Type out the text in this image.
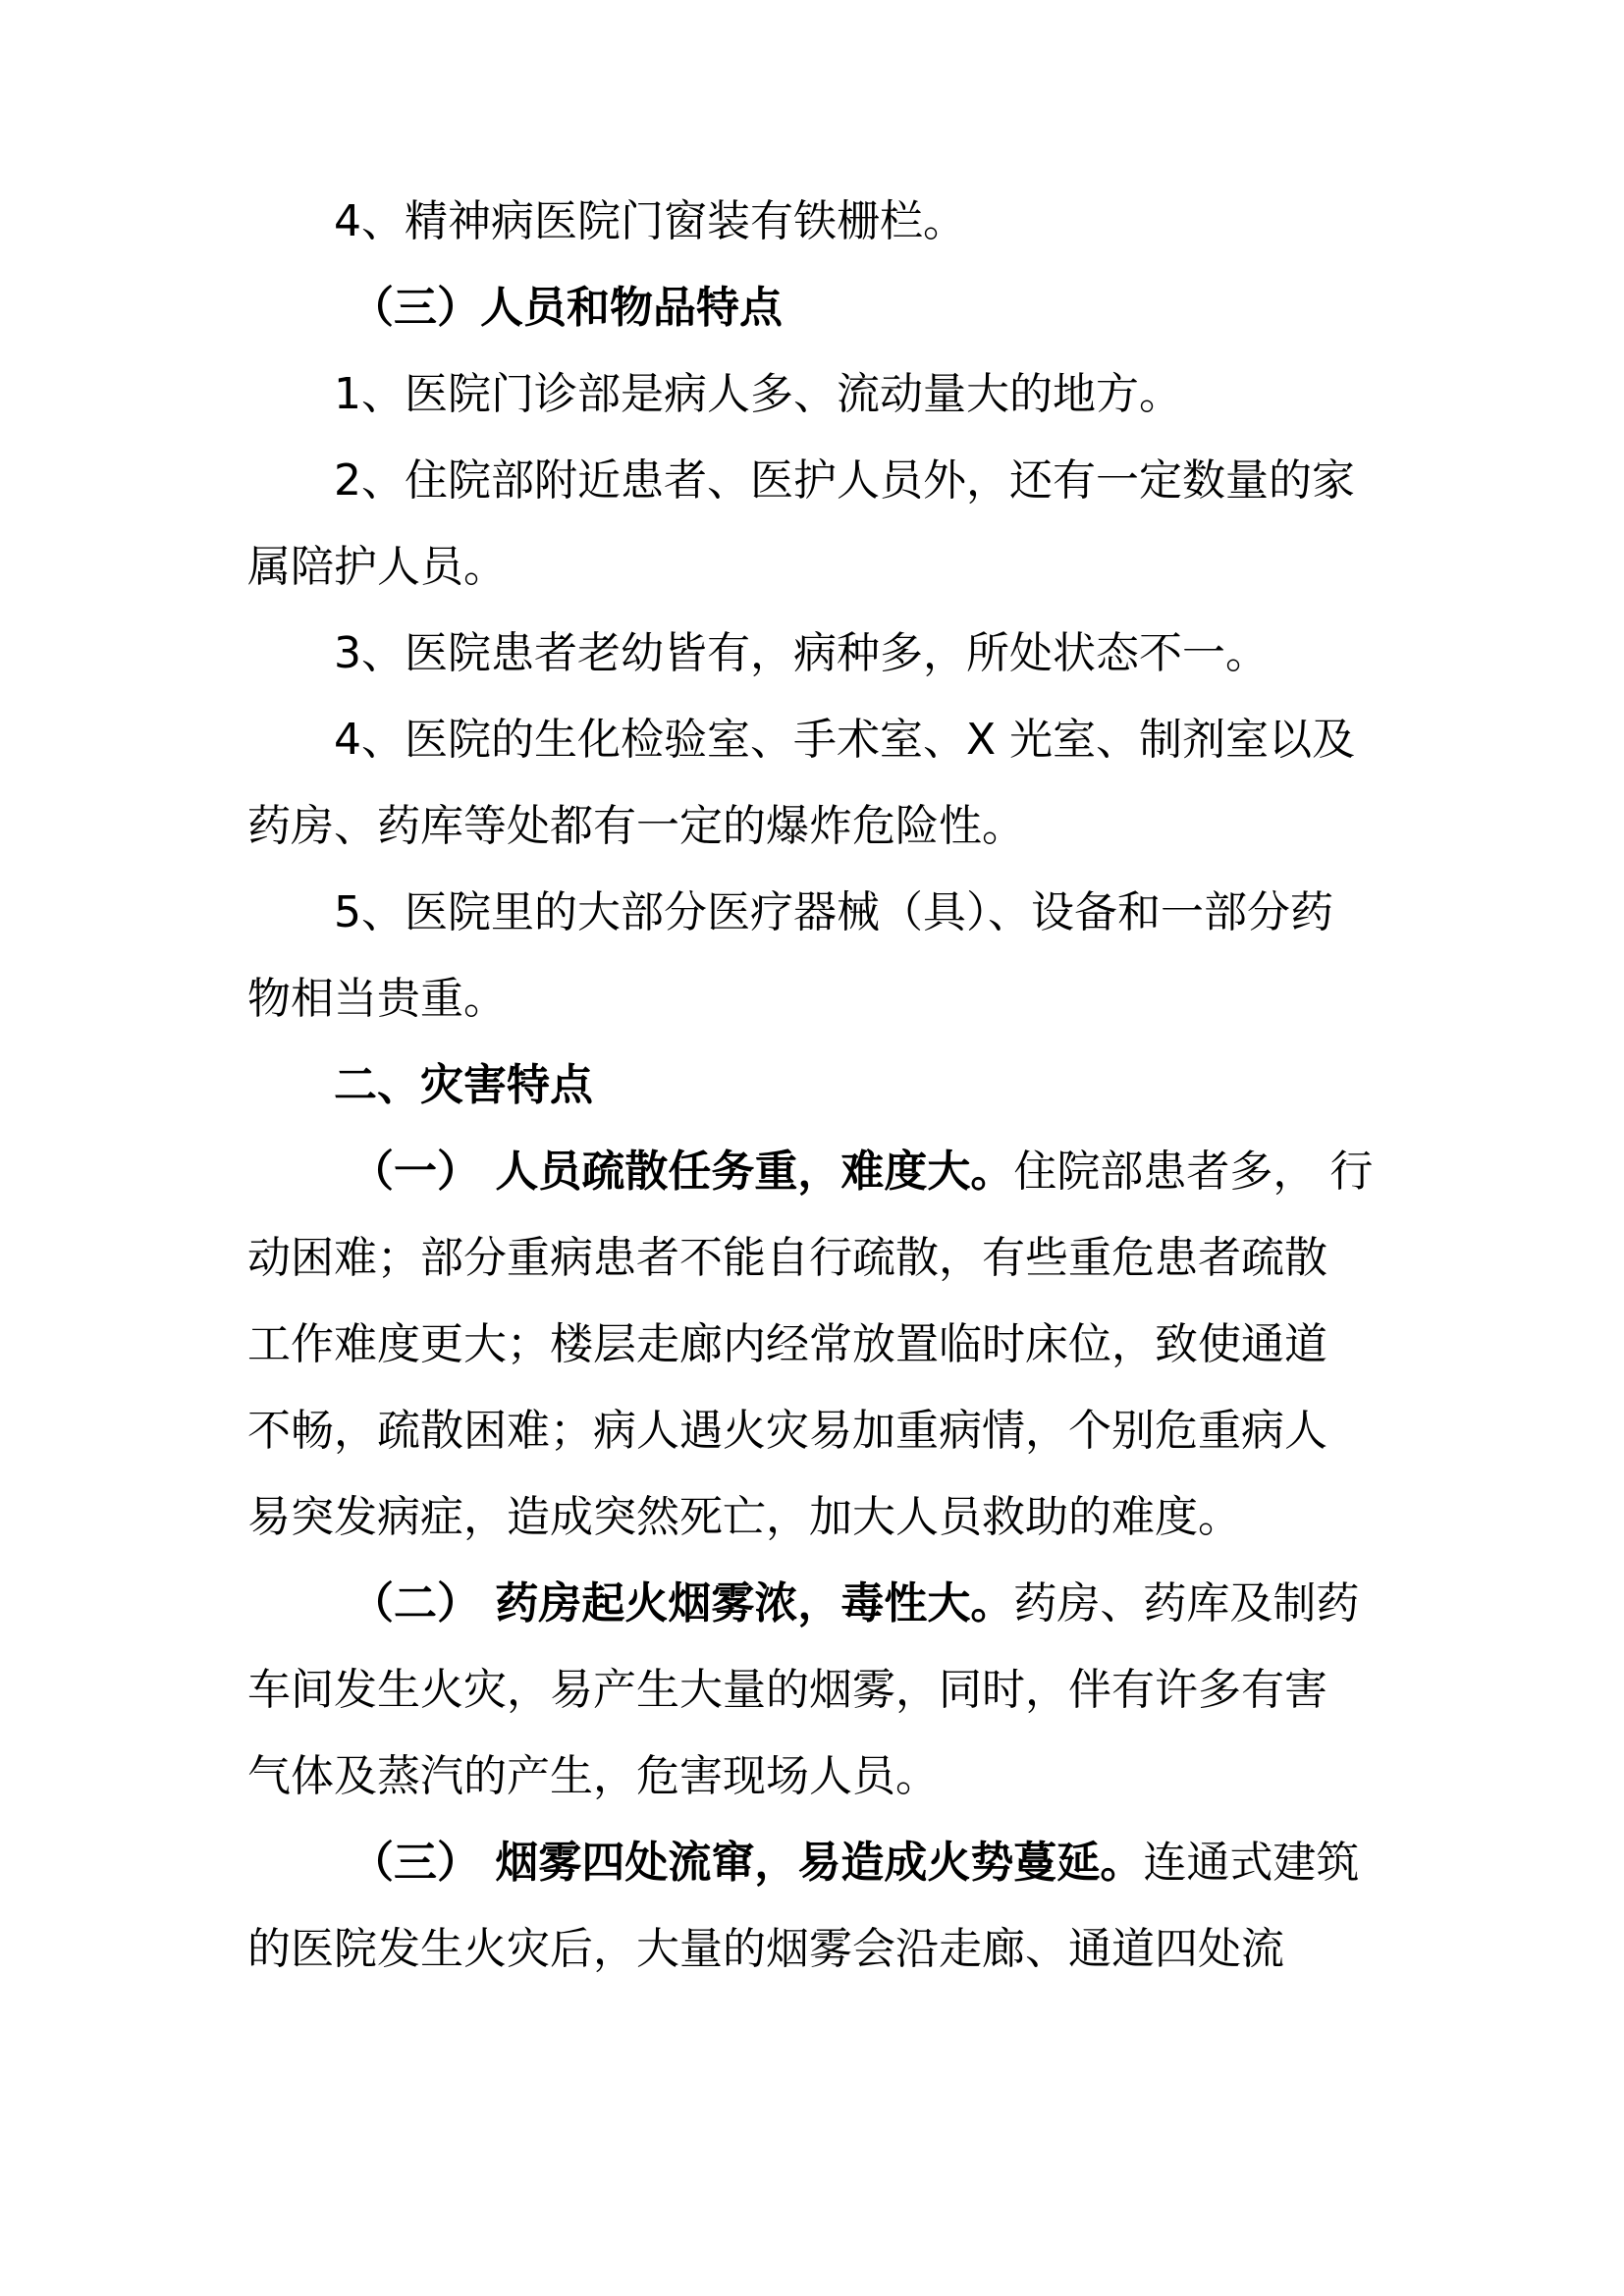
4、精神病医院门窗装有铁栅栏。

（三）人员和物品特点

1、医院门诊部是病人多、流动量大的地方。

2、住院部附近患者、医护人员外，还有一定数量的家

属陪护人员。

3、医院患者老幼皆有，病种多，所处状态不一。

4、医院的生化检验室、手术室、X 光室、制剂室以及

药房、药库等处都有一定的爆炸危险性。

5、医院里的大部分医疗器械（具）、设备和一部分药

物相当贵重。

二、灾害特点

（一） 人员疏散任务重，难度大。住院部患者多， 行

动困难；部分重病患者不能自行疏散，有些重危患者疏散

工作难度更大；楼层走廊内经常放置临时床位，致使通道

不畅，疏散困难；病人遇火灾易加重病情，个别危重病人

易突发病症，造成突然死亡，加大人员救助的难度。

（二） 药房起火烟雾浓，毒性大。药房、药库及制药

车间发生火灾，易产生大量的烟雾，同时，伴有许多有害

气体及蒸汽的产生，危害现场人员。

（三） 烟雾四处流窜，易造成火势蔓延。连通式建筑

的医院发生火灾后，大量的烟雾会沿走廊、通道四处流
